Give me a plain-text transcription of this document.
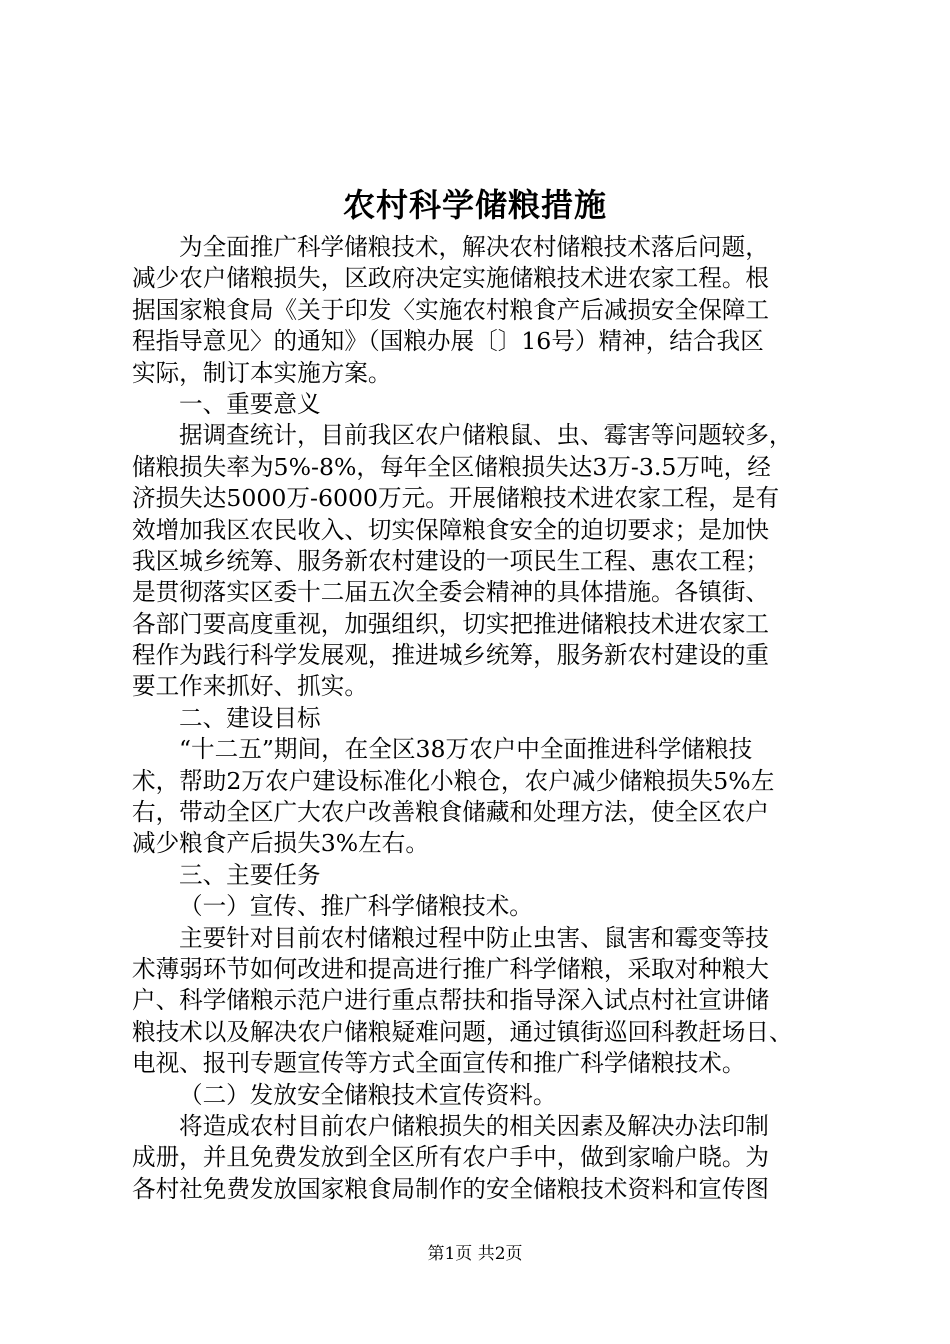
农村科学储粮措施
为全面推广科学储粮技术，解决农村储粮技术落后问题，
减少农户储粮损失，区政府决定实施储粮技术进农家工程。根
据国家粮食局《关于印发〈实施农村粮食产后减损安全保障工
程指导意见〉的通知》（国粮办展〔〕16号）精神，结合我区
实际，制订本实施方案。
一、重要意义
据调查统计，目前我区农户储粮鼠、虫、霉害等问题较多，
储粮损失率为5%-8%，每年全区储粮损失达3万-3.5万吨，经
济损失达5000万-6000万元。开展储粮技术进农家工程，是有
效增加我区农民收入、切实保障粮食安全的迫切要求；是加快
我区城乡统筹、服务新农村建设的一项民生工程、惠农工程；
是贯彻落实区委十二届五次全委会精神的具体措施。各镇街、
各部门要高度重视，加强组织，切实把推进储粮技术进农家工
程作为践行科学发展观，推进城乡统筹，服务新农村建设的重
要工作来抓好、抓实。
二、建设目标
“十二五”期间，在全区38万农户中全面推进科学储粮技
术，帮助2万农户建设标准化小粮仓，农户减少储粮损失5%左
右，带动全区广大农户改善粮食储藏和处理方法，使全区农户
减少粮食产后损失3%左右。
三、主要任务
（一）宣传、推广科学储粮技术。
主要针对目前农村储粮过程中防止虫害、鼠害和霉变等技
术薄弱环节如何改进和提高进行推广科学储粮，采取对种粮大
户、科学储粮示范户进行重点帮扶和指导深入试点村社宣讲储
粮技术以及解决农户储粮疑难问题，通过镇街巡回科教赶场日、
电视、报刊专题宣传等方式全面宣传和推广科学储粮技术。
（二）发放安全储粮技术宣传资料。
将造成农村目前农户储粮损失的相关因素及解决办法印制
成册，并且免费发放到全区所有农户手中，做到家喻户晓。为
各村社免费发放国家粮食局制作的安全储粮技术资料和宣传图
第1页 共2页
